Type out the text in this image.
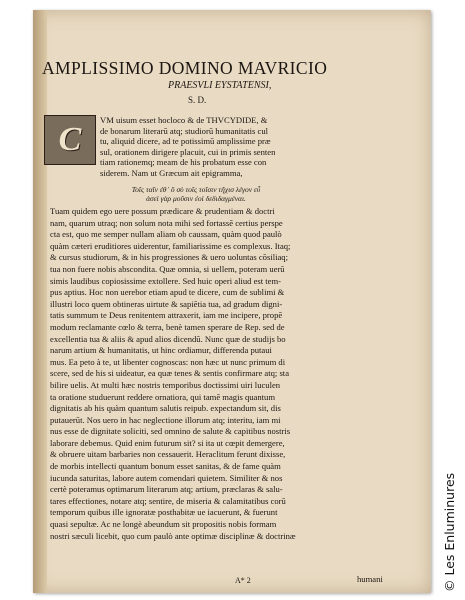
AMPLISSIMO DOMINO MAVRICIO
PRAESVLI EYSTATENSI,
S. D.
C
VM uisum esset hocloco & de THVCYDIDE, &
de bonarum literarū atq; studiorū humanitatis cul
tu, aliquid dicere, ad te potissimū amplissime præ
sul, orationem dirigere placuit, cui in primis senten
tiam rationemq; meam de his probatum esse con
siderem. Nam ut Græcum ait epigramma,
Τοῖς ταῖν ἐθ᾽ ὅ σὺ τοῖς τοῖσιν τῆχισ λέγον εὖ
ἀσεὶ γὰρ μοῦσιν ἐοὶ δεδιδαγμέναι.
Tuam quidem ego uere possum prædicare & prudentiam & doctri
nam, quarum utraq; non solum nota mihi sed fortassē certius perspe
cta est, quo me semper nullam aliam ob caussam, quàm quod paulò
quàm cæteri eruditiores uiderentur, familiarissime es complexus. Itaq;
& cursus studiorum, & in his progressiones & uero uoluntas cōsiliaq;
tua non fuere nobis abscondita. Quæ omnia, si uellem, poteram uerū
simis laudibus copiosissime extollere. Sed huic operi aliud est tem-
pus aptius. Hoc non uerebor etiam apud te dicere, cum de sublimi &
illustri loco quem obtineras uirtute & sapiētia tua, ad gradum digni-
tatis summum te Deus renitentem attraxerit, iam me incipere, propē
modum reclamante cœlo & terra, benè tamen sperare de Rep. sed de
excellentia tua & aliis & apud alios dicendū. Nunc quæ de studijs bo
narum artium & humanitatis, ut hinc ordiamur, differenda putaui
mus. Ea peto à te, ut libenter cognoscas: non hæc ut nunc primum di
scere, sed de his si uideatur, ea quæ tenes & sentis confirmare atq; sta
bilire uelis. At multi hæc nostris temporibus doctissimi uiri luculen
ta oratione studuerunt reddere ornatiora, qui tamē magis quantum
dignitatis ab his quàm quantum salutis reipub. expectandum sit, dis
putauerūt. Nos uero in hac neglectione illorum atq; interitu, iam mi
nus esse de dignitate soliciti, sed omnino de salute & capitibus nostris
laborare debemus. Quid enim futurum sit? si ita ut cœpit demergere,
& obruere uitam barbaries non cessauerit. Heraclitum ferunt dixisse,
de morbis intellecti quantum bonum esset sanitas, & de fame quàm
iucunda saturitas, labore autem comendari quietem. Similiter & nos
certè poteramus optimarum literarum atq; artium, præclaras & salu-
tares effectiones, notare atq; sentire, de miseria & calamitatibus corū
temporum quibus ille ignoratæ posthabitæ ue iacuerunt, & fuerunt
quasi sepultæ. Ac ne longè abeundum sit propositis nobis formam
nostri sæculi licebit, quo cum paulò ante optimæ disciplinæ & doctrinæ
A* 2	humani	© Les Enluminures
